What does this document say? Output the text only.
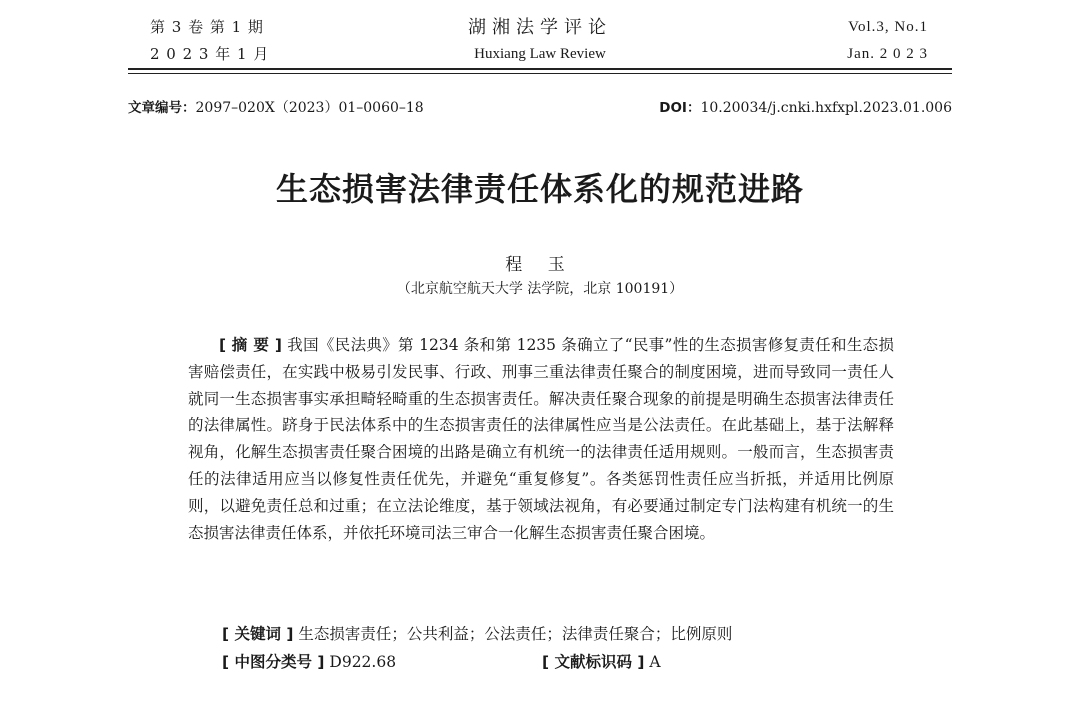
第 3 卷 第 1 期
2 0 2 3 年 1 月
湖湘法学评论
Huxiang Law Review
Vol.3, No.1
Jan. 2 0 2 3
文章编号：2097–020X（2023）01–0060–18	DOI：10.20034/j.cnki.hxfxpl.2023.01.006
生态损害法律责任体系化的规范进路
程 玉
（北京航空航天大学 法学院，北京 100191）

[ 摘 要 ] 我国《民法典》第 1234 条和第 1235 条确立了“民事”性的生态损害修复责任和生态损害赔偿责任，在实践中极易引发民事、行政、刑事三重法律责任聚合的制度困境，进而导致同一责任人就同一生态损害事实承担畸轻畸重的生态损害责任。解决责任聚合现象的前提是明确生态损害法律责任的法律属性。跻身于民法体系中的生态损害责任的法律属性应当是公法责任。在此基础上，基于法解释视角，化解生态损害责任聚合困境的出路是确立有机统一的法律责任适用规则。一般而言，生态损害责任的法律适用应当以修复性责任优先，并避免“重复修复”。各类惩罚性责任应当折抵，并适用比例原则，以避免责任总和过重；在立法论维度，基于领域法视角，有必要通过制定专门法构建有机统一的生态损害法律责任体系，并依托环境司法三审合一化解生态损害责任聚合困境。

[ 关键词 ] 生态损害责任；公共利益；公法责任；法律责任聚合；比例原则
[ 中图分类号 ] D922.68	[ 文献标识码 ] A
